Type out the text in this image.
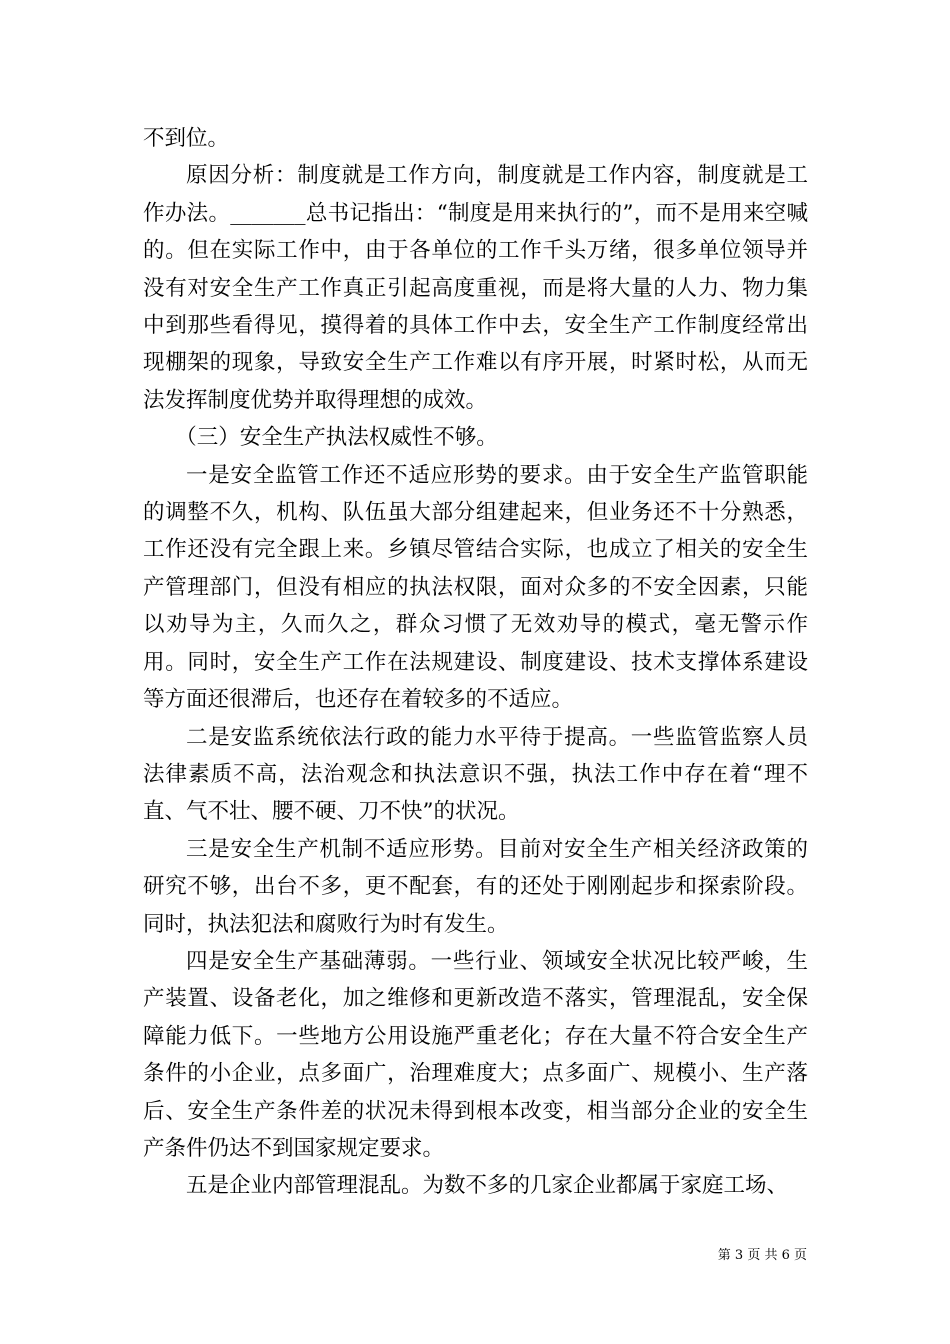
不到位。

原因分析：制度就是工作方向，制度就是工作内容，制度就是工作办法。_______总书记指出：“制度是用来执行的”，而不是用来空喊的。但在实际工作中，由于各单位的工作千头万绪，很多单位领导并没有对安全生产工作真正引起高度重视，而是将大量的人力、物力集中到那些看得见，摸得着的具体工作中去，安全生产工作制度经常出现棚架的现象，导致安全生产工作难以有序开展，时紧时松，从而无法发挥制度优势并取得理想的成效。

（三）安全生产执法权威性不够。

一是安全监管工作还不适应形势的要求。由于安全生产监管职能的调整不久，机构、队伍虽大部分组建起来，但业务还不十分熟悉，工作还没有完全跟上来。乡镇尽管结合实际，也成立了相关的安全生产管理部门，但没有相应的执法权限，面对众多的不安全因素，只能以劝导为主，久而久之，群众习惯了无效劝导的模式，毫无警示作用。同时，安全生产工作在法规建设、制度建设、技术支撑体系建设等方面还很滞后，也还存在着较多的不适应。

二是安监系统依法行政的能力水平待于提高。一些监管监察人员法律素质不高，法治观念和执法意识不强，执法工作中存在着“理不直、气不壮、腰不硬、刀不快”的状况。

三是安全生产机制不适应形势。目前对安全生产相关经济政策的研究不够，出台不多，更不配套，有的还处于刚刚起步和探索阶段。同时，执法犯法和腐败行为时有发生。

四是安全生产基础薄弱。一些行业、领域安全状况比较严峻，生产装置、设备老化，加之维修和更新改造不落实，管理混乱，安全保障能力低下。一些地方公用设施严重老化；存在大量不符合安全生产条件的小企业，点多面广，治理难度大；点多面广、规模小、生产落后、安全生产条件差的状况未得到根本改变，相当部分企业的安全生产条件仍达不到国家规定要求。

五是企业内部管理混乱。为数不多的几家企业都属于家庭工场、

第 3 页 共 6 页
